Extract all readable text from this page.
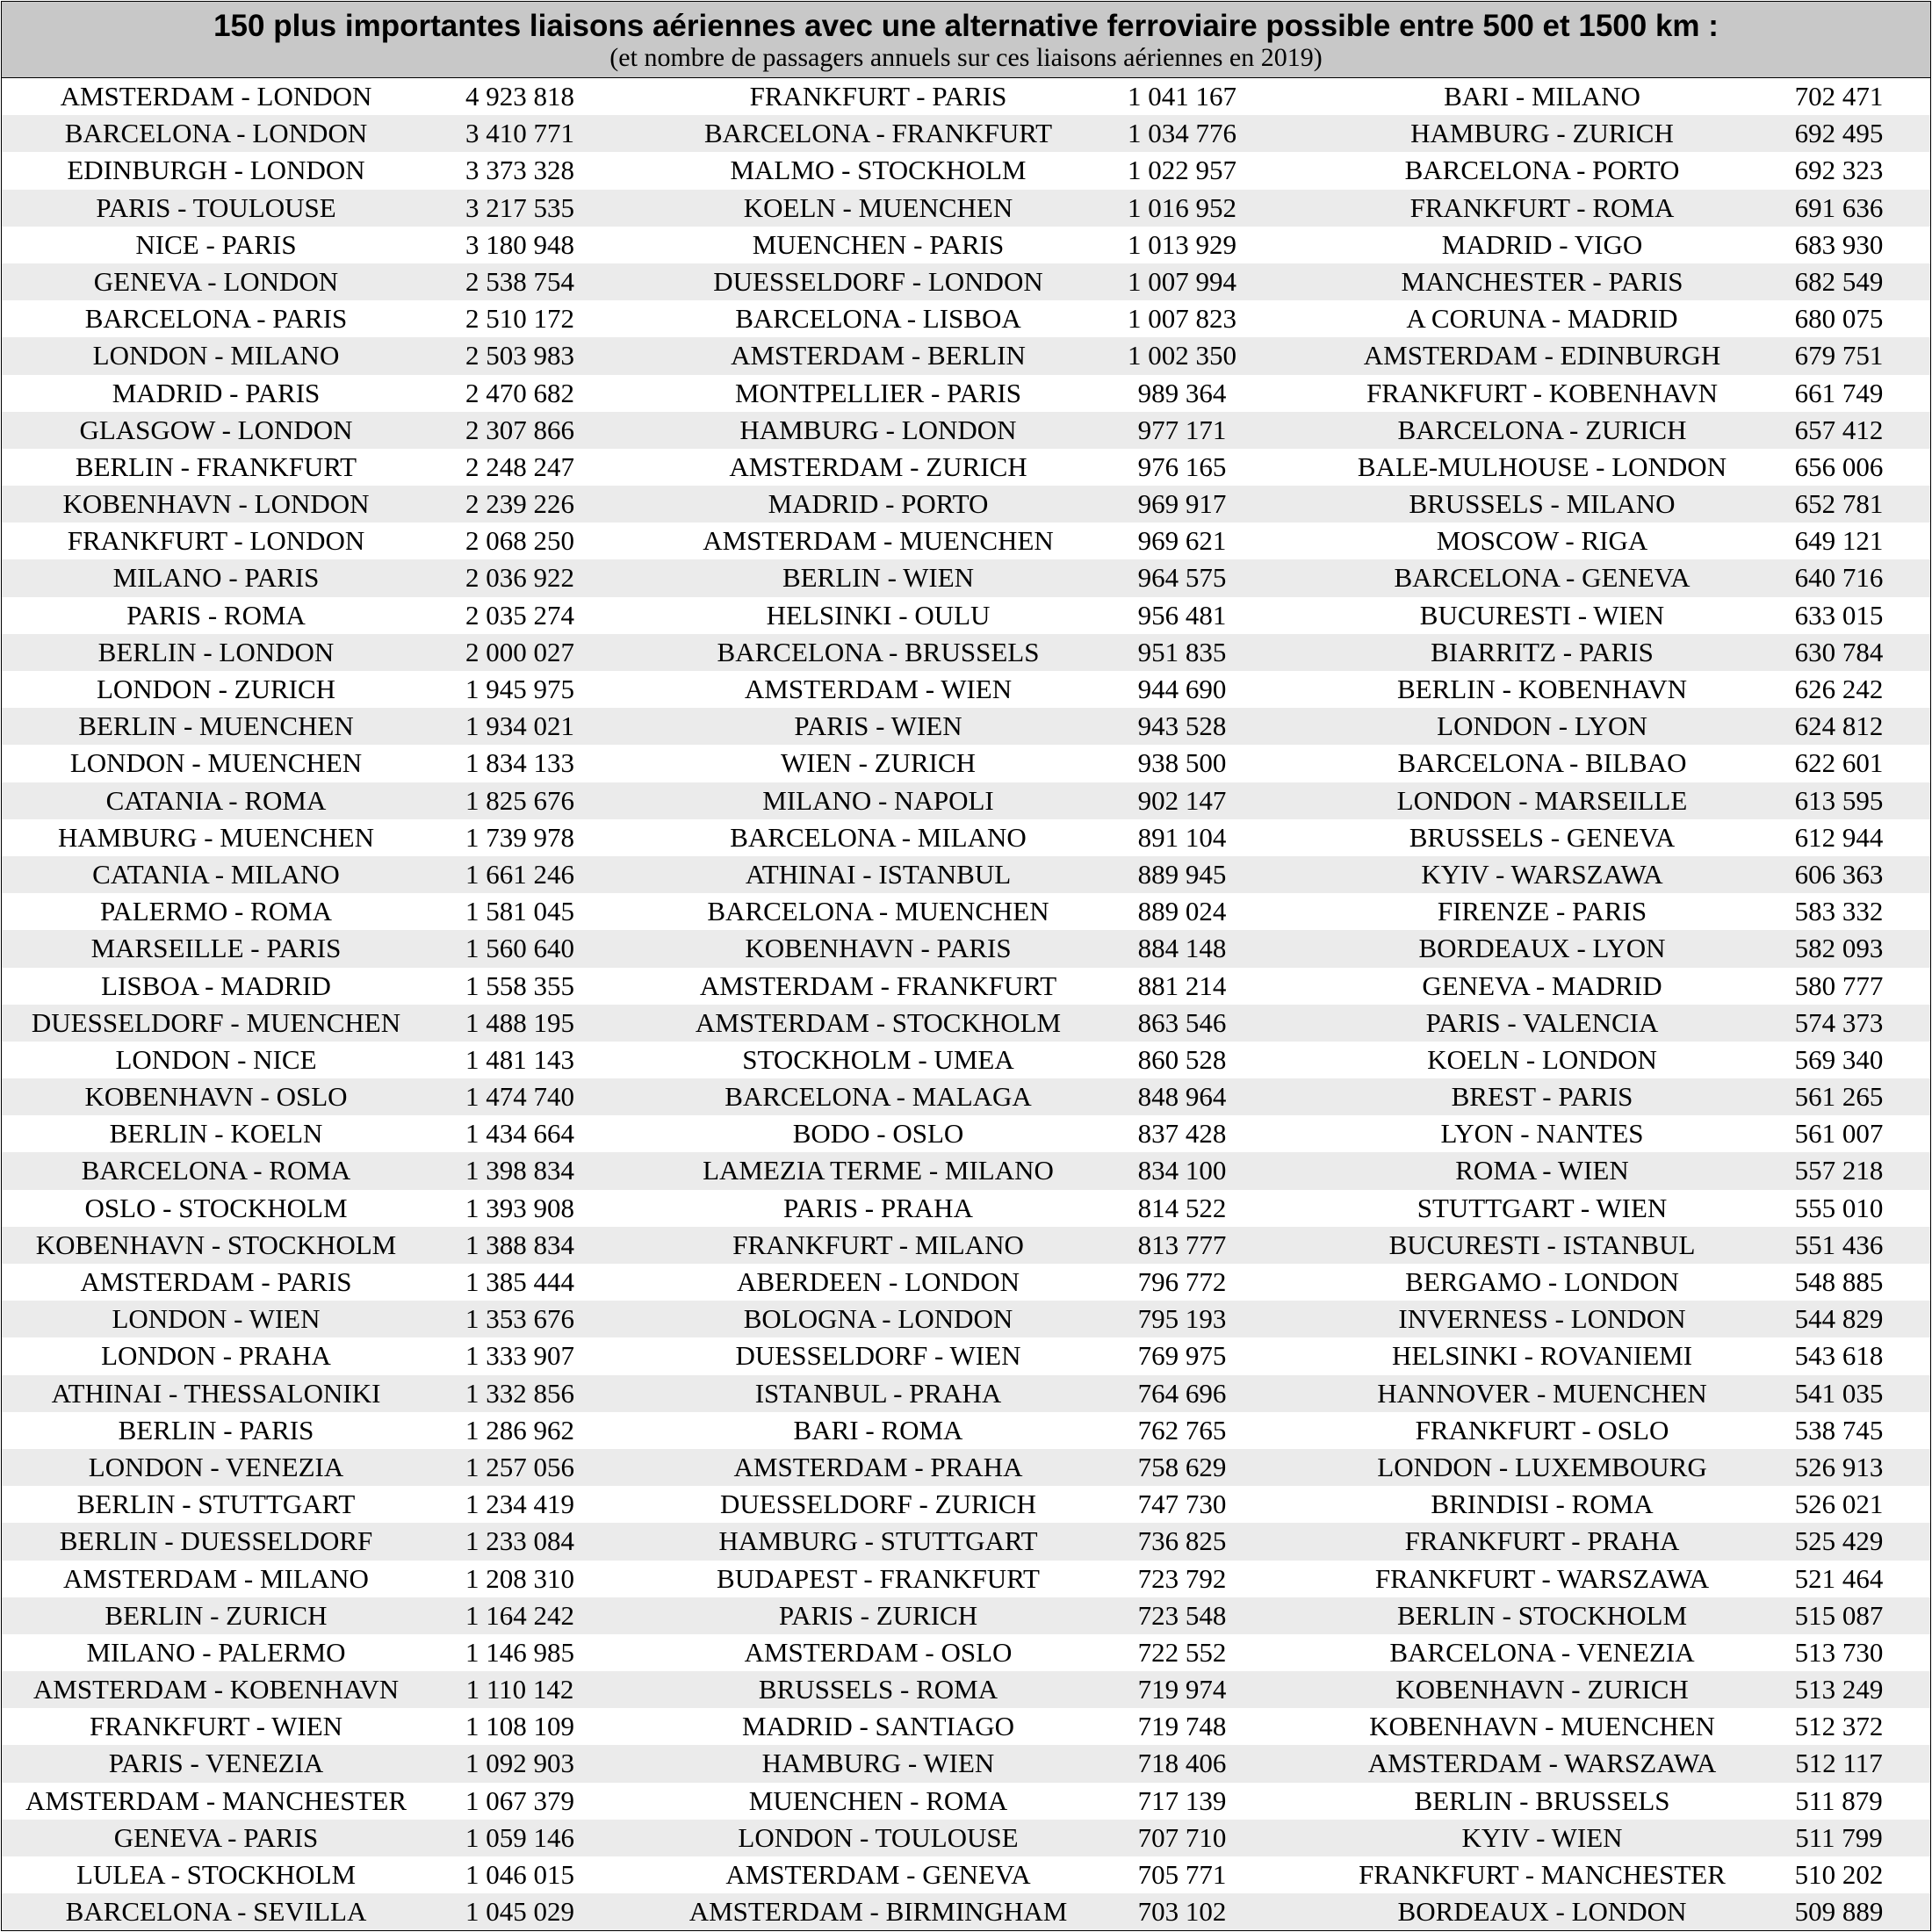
150 plus importantes liaisons aériennes avec une alternative ferroviaire possible entre 500 et 1500 km :
(et nombre de passagers annuels sur ces liaisons aériennes en 2019)
AMSTERDAM - LONDON	4 923 818	FRANKFURT - PARIS	1 041 167	BARI - MILANO	702 471
BARCELONA - LONDON	3 410 771	BARCELONA - FRANKFURT	1 034 776	HAMBURG - ZURICH	692 495
EDINBURGH - LONDON	3 373 328	MALMO - STOCKHOLM	1 022 957	BARCELONA - PORTO	692 323
PARIS - TOULOUSE	3 217 535	KOELN - MUENCHEN	1 016 952	FRANKFURT - ROMA	691 636
NICE - PARIS	3 180 948	MUENCHEN - PARIS	1 013 929	MADRID - VIGO	683 930
GENEVA - LONDON	2 538 754	DUESSELDORF - LONDON	1 007 994	MANCHESTER - PARIS	682 549
BARCELONA - PARIS	2 510 172	BARCELONA - LISBOA	1 007 823	A CORUNA - MADRID	680 075
LONDON - MILANO	2 503 983	AMSTERDAM - BERLIN	1 002 350	AMSTERDAM - EDINBURGH	679 751
MADRID - PARIS	2 470 682	MONTPELLIER - PARIS	989 364	FRANKFURT - KOBENHAVN	661 749
GLASGOW - LONDON	2 307 866	HAMBURG - LONDON	977 171	BARCELONA - ZURICH	657 412
BERLIN - FRANKFURT	2 248 247	AMSTERDAM - ZURICH	976 165	BALE-MULHOUSE - LONDON	656 006
KOBENHAVN - LONDON	2 239 226	MADRID - PORTO	969 917	BRUSSELS - MILANO	652 781
FRANKFURT - LONDON	2 068 250	AMSTERDAM - MUENCHEN	969 621	MOSCOW - RIGA	649 121
MILANO - PARIS	2 036 922	BERLIN - WIEN	964 575	BARCELONA - GENEVA	640 716
PARIS - ROMA	2 035 274	HELSINKI - OULU	956 481	BUCURESTI - WIEN	633 015
BERLIN - LONDON	2 000 027	BARCELONA - BRUSSELS	951 835	BIARRITZ - PARIS	630 784
LONDON - ZURICH	1 945 975	AMSTERDAM - WIEN	944 690	BERLIN - KOBENHAVN	626 242
BERLIN - MUENCHEN	1 934 021	PARIS - WIEN	943 528	LONDON - LYON	624 812
LONDON - MUENCHEN	1 834 133	WIEN - ZURICH	938 500	BARCELONA - BILBAO	622 601
CATANIA - ROMA	1 825 676	MILANO - NAPOLI	902 147	LONDON - MARSEILLE	613 595
HAMBURG - MUENCHEN	1 739 978	BARCELONA - MILANO	891 104	BRUSSELS - GENEVA	612 944
CATANIA - MILANO	1 661 246	ATHINAI - ISTANBUL	889 945	KYIV - WARSZAWA	606 363
PALERMO - ROMA	1 581 045	BARCELONA - MUENCHEN	889 024	FIRENZE - PARIS	583 332
MARSEILLE - PARIS	1 560 640	KOBENHAVN - PARIS	884 148	BORDEAUX - LYON	582 093
LISBOA - MADRID	1 558 355	AMSTERDAM - FRANKFURT	881 214	GENEVA - MADRID	580 777
DUESSELDORF - MUENCHEN	1 488 195	AMSTERDAM - STOCKHOLM	863 546	PARIS - VALENCIA	574 373
LONDON - NICE	1 481 143	STOCKHOLM - UMEA	860 528	KOELN - LONDON	569 340
KOBENHAVN - OSLO	1 474 740	BARCELONA - MALAGA	848 964	BREST - PARIS	561 265
BERLIN - KOELN	1 434 664	BODO - OSLO	837 428	LYON - NANTES	561 007
BARCELONA - ROMA	1 398 834	LAMEZIA TERME - MILANO	834 100	ROMA - WIEN	557 218
OSLO - STOCKHOLM	1 393 908	PARIS - PRAHA	814 522	STUTTGART - WIEN	555 010
KOBENHAVN - STOCKHOLM	1 388 834	FRANKFURT - MILANO	813 777	BUCURESTI - ISTANBUL	551 436
AMSTERDAM - PARIS	1 385 444	ABERDEEN - LONDON	796 772	BERGAMO - LONDON	548 885
LONDON - WIEN	1 353 676	BOLOGNA - LONDON	795 193	INVERNESS - LONDON	544 829
LONDON - PRAHA	1 333 907	DUESSELDORF - WIEN	769 975	HELSINKI - ROVANIEMI	543 618
ATHINAI - THESSALONIKI	1 332 856	ISTANBUL - PRAHA	764 696	HANNOVER - MUENCHEN	541 035
BERLIN - PARIS	1 286 962	BARI - ROMA	762 765	FRANKFURT - OSLO	538 745
LONDON - VENEZIA	1 257 056	AMSTERDAM - PRAHA	758 629	LONDON - LUXEMBOURG	526 913
BERLIN - STUTTGART	1 234 419	DUESSELDORF - ZURICH	747 730	BRINDISI - ROMA	526 021
BERLIN - DUESSELDORF	1 233 084	HAMBURG - STUTTGART	736 825	FRANKFURT - PRAHA	525 429
AMSTERDAM - MILANO	1 208 310	BUDAPEST - FRANKFURT	723 792	FRANKFURT - WARSZAWA	521 464
BERLIN - ZURICH	1 164 242	PARIS - ZURICH	723 548	BERLIN - STOCKHOLM	515 087
MILANO - PALERMO	1 146 985	AMSTERDAM - OSLO	722 552	BARCELONA - VENEZIA	513 730
AMSTERDAM - KOBENHAVN	1 110 142	BRUSSELS - ROMA	719 974	KOBENHAVN - ZURICH	513 249
FRANKFURT - WIEN	1 108 109	MADRID - SANTIAGO	719 748	KOBENHAVN - MUENCHEN	512 372
PARIS - VENEZIA	1 092 903	HAMBURG - WIEN	718 406	AMSTERDAM - WARSZAWA	512 117
AMSTERDAM - MANCHESTER	1 067 379	MUENCHEN - ROMA	717 139	BERLIN - BRUSSELS	511 879
GENEVA - PARIS	1 059 146	LONDON - TOULOUSE	707 710	KYIV - WIEN	511 799
LULEA - STOCKHOLM	1 046 015	AMSTERDAM - GENEVA	705 771	FRANKFURT - MANCHESTER	510 202
BARCELONA - SEVILLA	1 045 029	AMSTERDAM - BIRMINGHAM	703 102	BORDEAUX - LONDON	509 889
